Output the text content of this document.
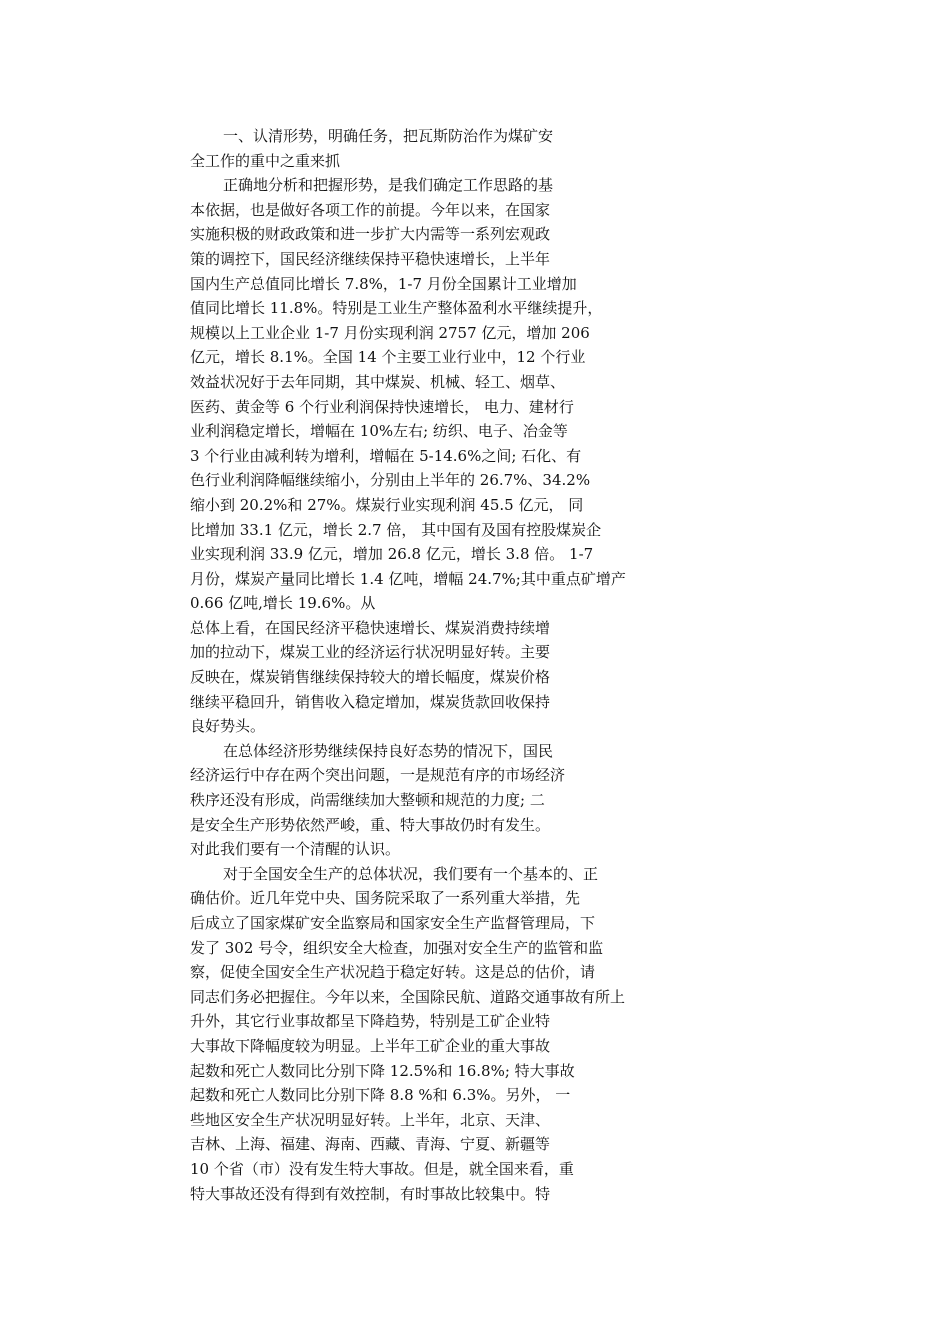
一、认清形势，明确任务，把瓦斯防治作为煤矿安
全工作的重中之重来抓
正确地分析和把握形势，是我们确定工作思路的基
本依据，也是做好各项工作的前提。今年以来，在国家
实施积极的财政政策和进一步扩大内需等一系列宏观政
策的调控下，国民经济继续保持平稳快速增长，上半年
国内生产总值同比增长 7.8%，1-7 月份全国累计工业增加
值同比增长 11.8%。特别是工业生产整体盈利水平继续提升，
规模以上工业企业 1-7 月份实现利润 2757 亿元，增加 206
亿元，增长 8.1%。全国 14 个主要工业行业中，12 个行业
效益状况好于去年同期，其中煤炭、机械、轻工、烟草、
医药、黄金等 6 个行业利润保持快速增长， 电力、建材行
业利润稳定增长，增幅在 10%左右; 纺织、电子、冶金等
3 个行业由减利转为增利，增幅在 5-14.6%之间; 石化、有
色行业利润降幅继续缩小，分别由上半年的 26.7%、34.2%
缩小到 20.2%和 27%。煤炭行业实现利润 45.5 亿元， 同
比增加 33.1 亿元，增长 2.7 倍， 其中国有及国有控股煤炭企
业实现利润 33.9 亿元，增加 26.8 亿元，增长 3.8 倍。 1-7
月份，煤炭产量同比增长 1.4 亿吨，增幅 24.7%;其中重点矿增产
0.66 亿吨,增长 19.6%。从
总体上看，在国民经济平稳快速增长、煤炭消费持续增
加的拉动下，煤炭工业的经济运行状况明显好转。主要
反映在，煤炭销售继续保持较大的增长幅度，煤炭价格
继续平稳回升，销售收入稳定增加，煤炭货款回收保持
良好势头。
在总体经济形势继续保持良好态势的情况下，国民
经济运行中存在两个突出问题，一是规范有序的市场经济
秩序还没有形成，尚需继续加大整顿和规范的力度; 二
是安全生产形势依然严峻，重、特大事故仍时有发生。
对此我们要有一个清醒的认识。
对于全国安全生产的总体状况，我们要有一个基本的、正
确估价。近几年党中央、国务院采取了一系列重大举措，先
后成立了国家煤矿安全监察局和国家安全生产监督管理局，下
发了 302 号令，组织安全大检查，加强对安全生产的监管和监
察，促使全国安全生产状况趋于稳定好转。这是总的估价，请
同志们务必把握住。今年以来，全国除民航、道路交通事故有所上
升外，其它行业事故都呈下降趋势，特别是工矿企业特
大事故下降幅度较为明显。上半年工矿企业的重大事故
起数和死亡人数同比分别下降 12.5%和 16.8%; 特大事故
起数和死亡人数同比分别下降 8.8 %和 6.3%。另外， 一
些地区安全生产状况明显好转。上半年，北京、天津、
吉林、上海、福建、海南、西藏、青海、宁夏、新疆等
10 个省（市）没有发生特大事故。但是，就全国来看，重
特大事故还没有得到有效控制，有时事故比较集中。特
